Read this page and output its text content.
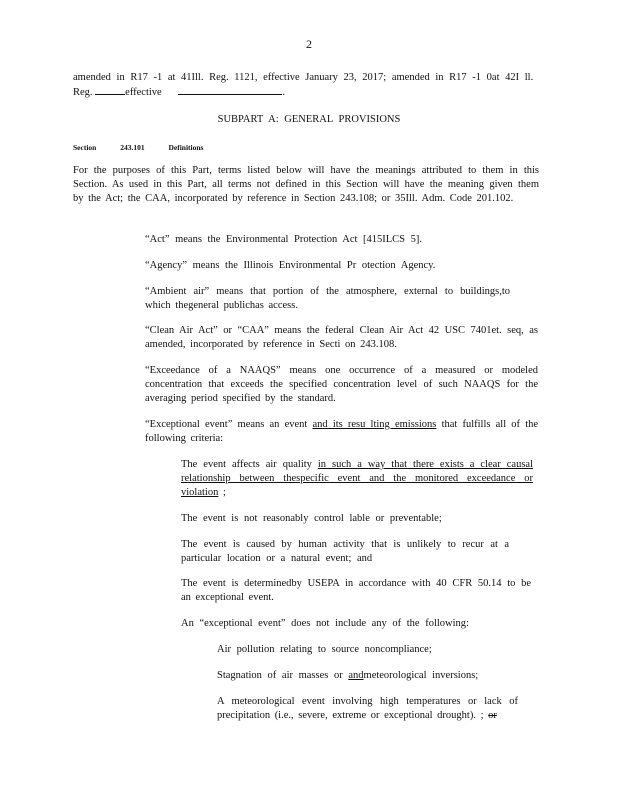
2
amended in R17 -1 at 41Ill. Reg. 1121, effective January 23, 2017; amended in R17 -1 0at 42I ll.
Reg.	effective	.
SUBPART A: GENERAL PROVISIONS
Section	243.101	Definitions
For the purposes of this Part, terms listed below will have the meanings attributed to them in this Section. As used in this Part, all terms not defined in this Section will have the meaning given them by the Act; the CAA, incorporated by reference in Section 243.108; or 35Ill. Adm. Code 201.102.
“Act” means the Environmental Protection Act [415ILCS 5].
“Agency” means the Illinois Environmental Pr otection Agency.
“Ambient air” means that portion of the atmosphere, external to buildings,to which thegeneral publichas access.
“Clean Air Act” or “CAA” means the federal Clean Air Act 42 USC 7401et. seq, as amended, incorporated by reference in Secti on 243.108.
“Exceedance of a NAAQS” means one occurrence of a measured or modeled concentration that exceeds the specified concentration level of such NAAQS for the averaging period specified by the standard.
“Exceptional event” means an event and its resu lting emissions that fulfills all of the following criteria:
The event affects air quality in such a way that there exists a clear causal relationship between thespecific event and the monitored exceedance or violation ;
The event is not reasonably control lable or preventable;
The event is caused by human activity that is unlikely to recur at a particular location or a natural event; and
The event is determinedby USEPA in accordance with 40 CFR 50.14 to be an exceptional event.
An “exceptional event” does not include any of the following:
Air pollution relating to source noncompliance;
Stagnation of air masses or andmeteorological inversions;
A meteorological event involving high temperatures or lack of precipitation (i.e., severe, extreme or exceptional drought). ; or
